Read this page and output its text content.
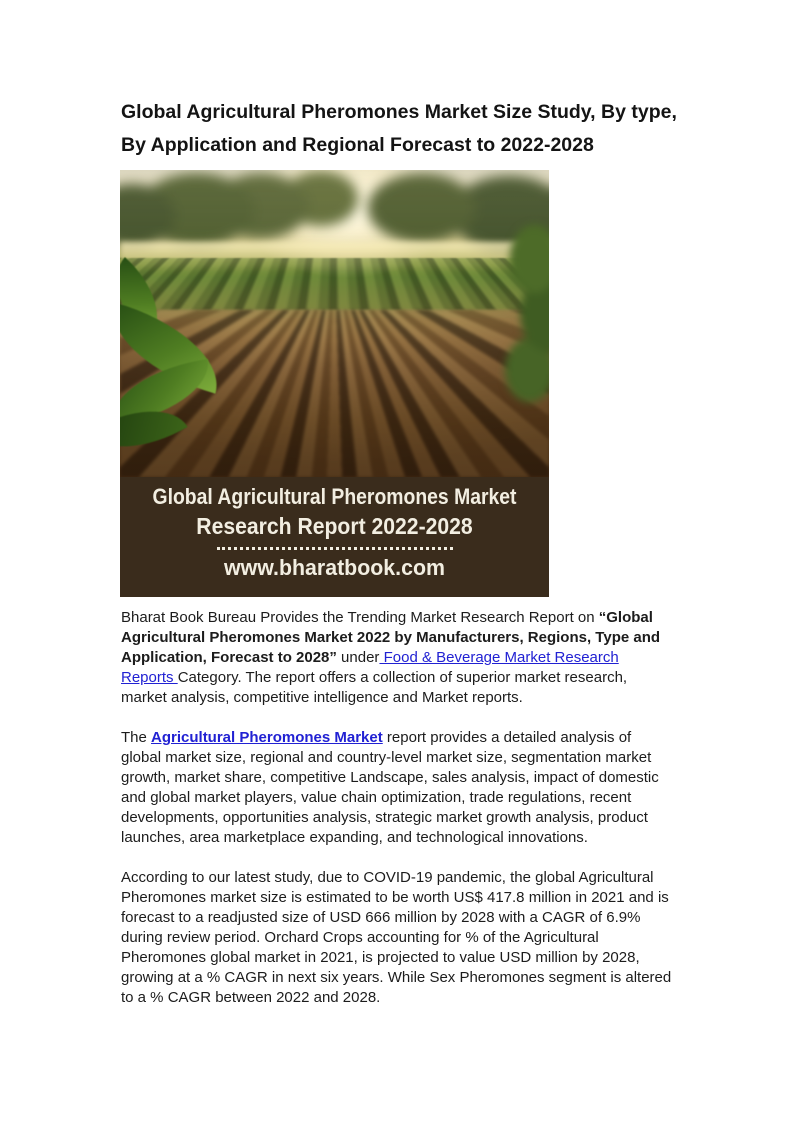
Global Agricultural Pheromones Market Size Study, By type,
By Application and Regional Forecast to 2022-2028
Global Agricultural Pheromones Market
Research Report 2022-2028
www.bharatbook.com

Bharat Book Bureau Provides the Trending Market Research Report on “Global Agricultural Pheromones Market 2022 by Manufacturers, Regions, Type and Application, Forecast to 2028” under Food & Beverage Market Research Reports Category. The report offers a collection of superior market research, market analysis, competitive intelligence and Market reports.

The Agricultural Pheromones Market report provides a detailed analysis of global market size, regional and country-level market size, segmentation market growth, market share, competitive Landscape, sales analysis, impact of domestic and global market players, value chain optimization, trade regulations, recent developments, opportunities analysis, strategic market growth analysis, product launches, area marketplace expanding, and technological innovations.

According to our latest study, due to COVID-19 pandemic, the global Agricultural Pheromones market size is estimated to be worth US$ 417.8 million in 2021 and is forecast to a readjusted size of USD 666 million by 2028 with a CAGR of 6.9% during review period. Orchard Crops accounting for % of the Agricultural Pheromones global market in 2021, is projected to value USD million by 2028, growing at a % CAGR in next six years. While Sex Pheromones segment is altered to a % CAGR between 2022 and 2028.
